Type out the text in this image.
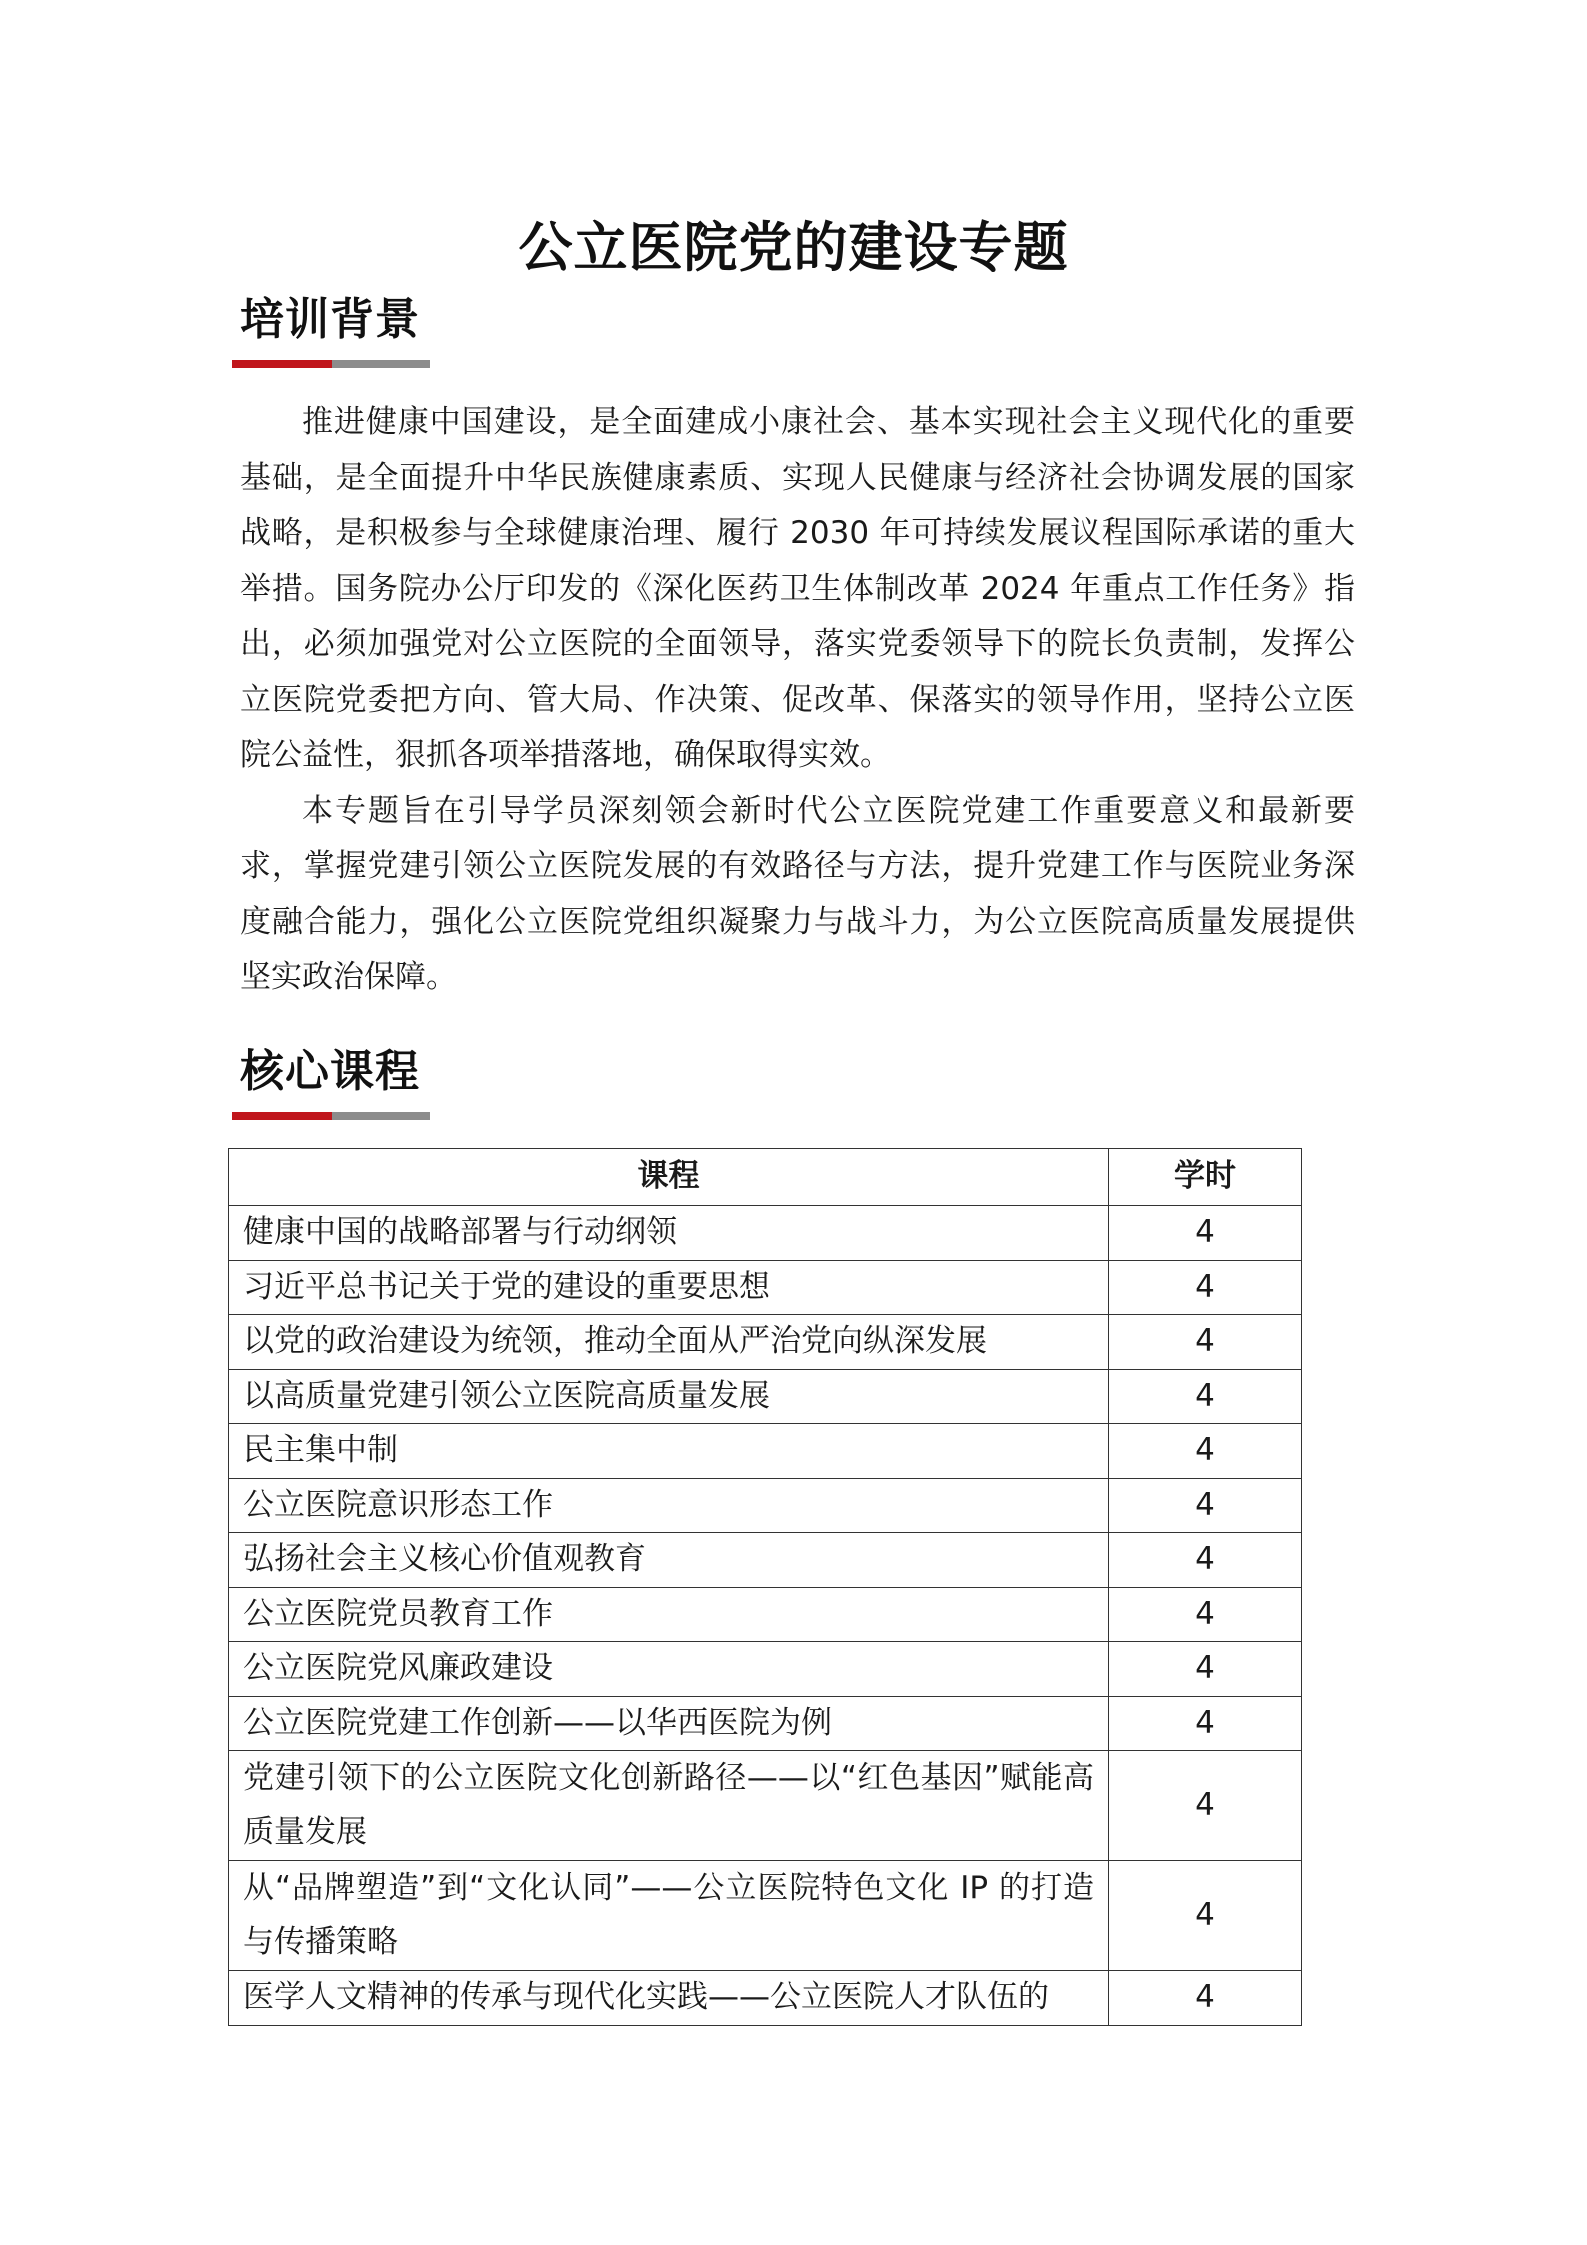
公立医院党的建设专题
培训背景

推进健康中国建设，是全面建成小康社会、基本实现社会主义现代化的重要基础，是全面提升中华民族健康素质、实现人民健康与经济社会协调发展的国家战略，是积极参与全球健康治理、履行 2030 年可持续发展议程国际承诺的重大举措。国务院办公厅印发的《深化医药卫生体制改革 2024 年重点工作任务》指出，必须加强党对公立医院的全面领导，落实党委领导下的院长负责制，发挥公立医院党委把方向、管大局、作决策、促改革、保落实的领导作用，坚持公立医院公益性，狠抓各项举措落地，确保取得实效。

本专题旨在引导学员深刻领会新时代公立医院党建工作重要意义和最新要求，掌握党建引领公立医院发展的有效路径与方法，提升党建工作与医院业务深度融合能力，强化公立医院党组织凝聚力与战斗力，为公立医院高质量发展提供坚实政治保障。

核心课程
课程	学时
健康中国的战略部署与行动纲领	4
习近平总书记关于党的建设的重要思想	4
以党的政治建设为统领，推动全面从严治党向纵深发展	4
以高质量党建引领公立医院高质量发展	4
民主集中制	4
公立医院意识形态工作	4
弘扬社会主义核心价值观教育	4
公立医院党员教育工作	4
公立医院党风廉政建设	4
公立医院党建工作创新——以华西医院为例	4
党建引领下的公立医院文化创新路径——以“红色基因”赋能高质量发展	4
从“品牌塑造”到“文化认同”——公立医院特色文化 IP 的打造与传播策略	4
医学人文精神的传承与现代化实践——公立医院人才队伍的	4
